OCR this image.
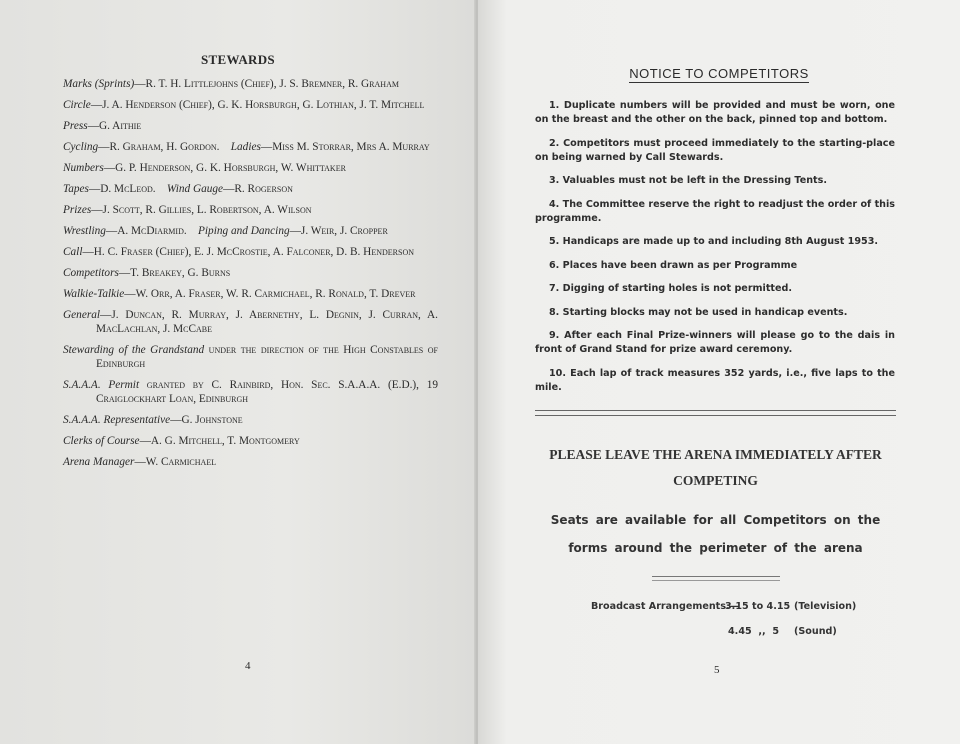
STEWARDS
Marks (Sprints)—R. T. H. Littlejohns (Chief), J. S. Bremner, R. Graham
Circle—J. A. Henderson (Chief), G. K. Horsburgh, G. Lothian, J. T. Mitchell
Press—G. Aithie
Cycling—R. Graham, H. Gordon. Ladies—Miss M. Storrar, Mrs A. Murray
Numbers—G. P. Henderson, G. K. Horsburgh, W. Whittaker
Tapes—D. McLeod. Wind Gauge—R. Rogerson
Prizes—J. Scott, R. Gillies, L. Robertson, A. Wilson
Wrestling—A. McDiarmid. Piping and Dancing—J. Weir, J. Cropper
Call—H. C. Fraser (Chief), E. J. McCrostie, A. Falconer, D. B. Henderson
Competitors—T. Breakey, G. Burns
Walkie-Talkie—W. Orr, A. Fraser, W. R. Carmichael, R. Ronald, T. Drever
General—J. Duncan, R. Murray, J. Abernethy, L. Degnin, J. Curran, A. MacLachlan, J. McCabe
Stewarding of the Grandstand under the direction of the High Constables of Edinburgh
S.A.A.A. Permit granted by C. Rainbird, Hon. Sec. S.A.A.A. (E.D.), 19 Craiglockhart Loan, Edinburgh
S.A.A.A. Representative—G. Johnstone
Clerks of Course—A. G. Mitchell, T. Montgomery
Arena Manager—W. Carmichael
4
NOTICE TO COMPETITORS
1. Duplicate numbers will be provided and must be worn, one on the breast and the other on the back, pinned top and bottom.
2. Competitors must proceed immediately to the starting-place on being warned by Call Stewards.
3. Valuables must not be left in the Dressing Tents.
4. The Committee reserve the right to readjust the order of this programme.
5. Handicaps are made up to and including 8th August 1953.
6. Places have been drawn as per Programme
7. Digging of starting holes is not permitted.
8. Starting blocks may not be used in handicap events.
9. After each Final Prize-winners will please go to the dais in front of Grand Stand for prize award ceremony.
10. Each lap of track measures 352 yards, i.e., five laps to the mile.
PLEASE LEAVE THE ARENA IMMEDIATELY AFTER COMPETING
Seats are available for all Competitors on the forms around the perimeter of the arena
Broadcast Arrangements.—
3.15 to 4.15 (Television)
4.45  ,,  5 (Sound)
5
